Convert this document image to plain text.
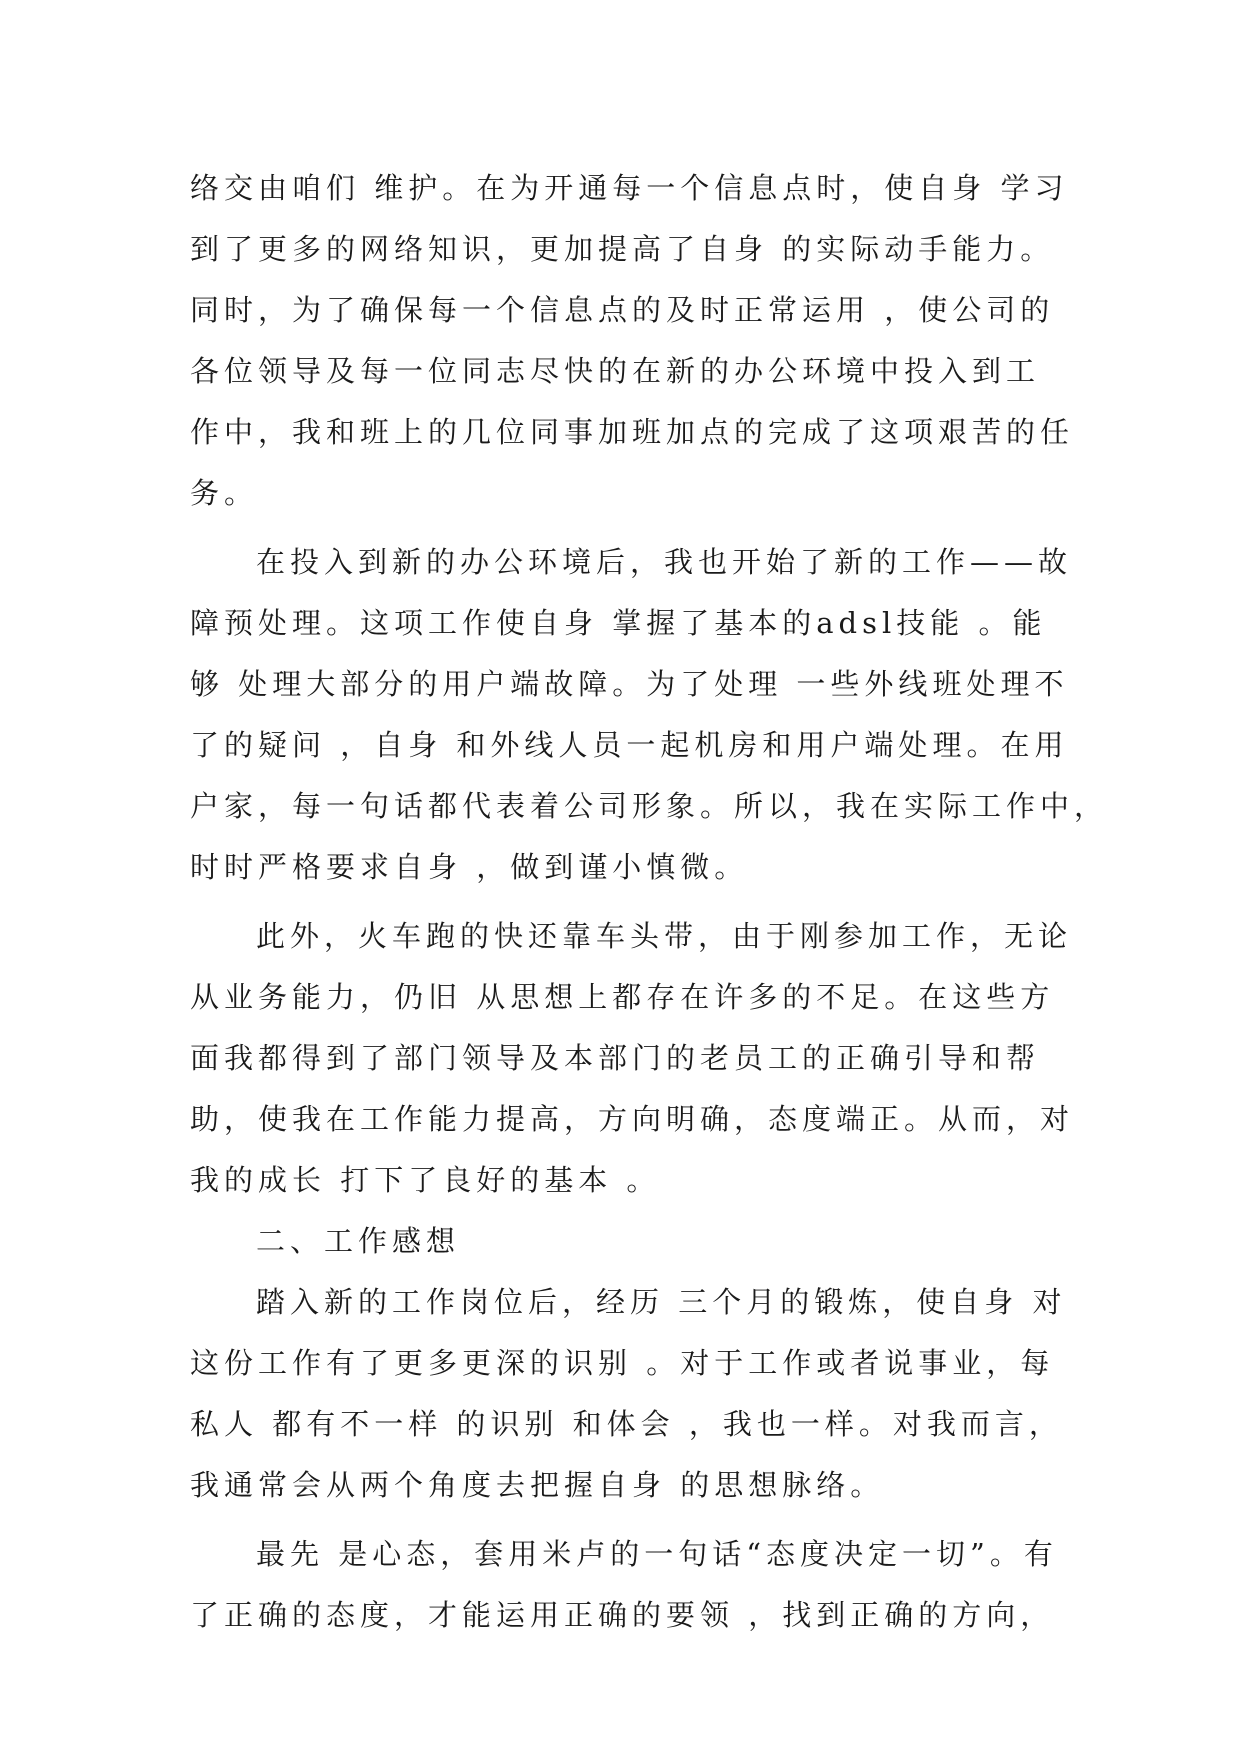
络交由咱们 维护。在为开通每一个信息点时，使自身 学习
到了更多的网络知识，更加提高了自身 的实际动手能力。
同时，为了确保每一个信息点的及时正常运用 ，使公司的
各位领导及每一位同志尽快的在新的办公环境中投入到工
作中，我和班上的几位同事加班加点的完成了这项艰苦的任
务。
在投入到新的办公环境后，我也开始了新的工作——故
障预处理。这项工作使自身 掌握了基本的adsl技能 。能
够 处理大部分的用户端故障。为了处理 一些外线班处理不
了的疑问 ，自身 和外线人员一起机房和用户端处理。在用
户家，每一句话都代表着公司形象。所以，我在实际工作中，
时时严格要求自身 ，做到谨小慎微。
此外，火车跑的快还靠车头带，由于刚参加工作，无论
从业务能力，仍旧 从思想上都存在许多的不足。在这些方
面我都得到了部门领导及本部门的老员工的正确引导和帮
助，使我在工作能力提高，方向明确，态度端正。从而，对
我的成长 打下了良好的基本 。
二、工作感想
踏入新的工作岗位后，经历 三个月的锻炼，使自身 对
这份工作有了更多更深的识别 。对于工作或者说事业，每
私人 都有不一样 的识别 和体会 ，我也一样。对我而言，
我通常会从两个角度去把握自身 的思想脉络。
最先 是心态，套用米卢的一句话“态度决定一切”。有
了正确的态度，才能运用正确的要领 ，找到正确的方向，
